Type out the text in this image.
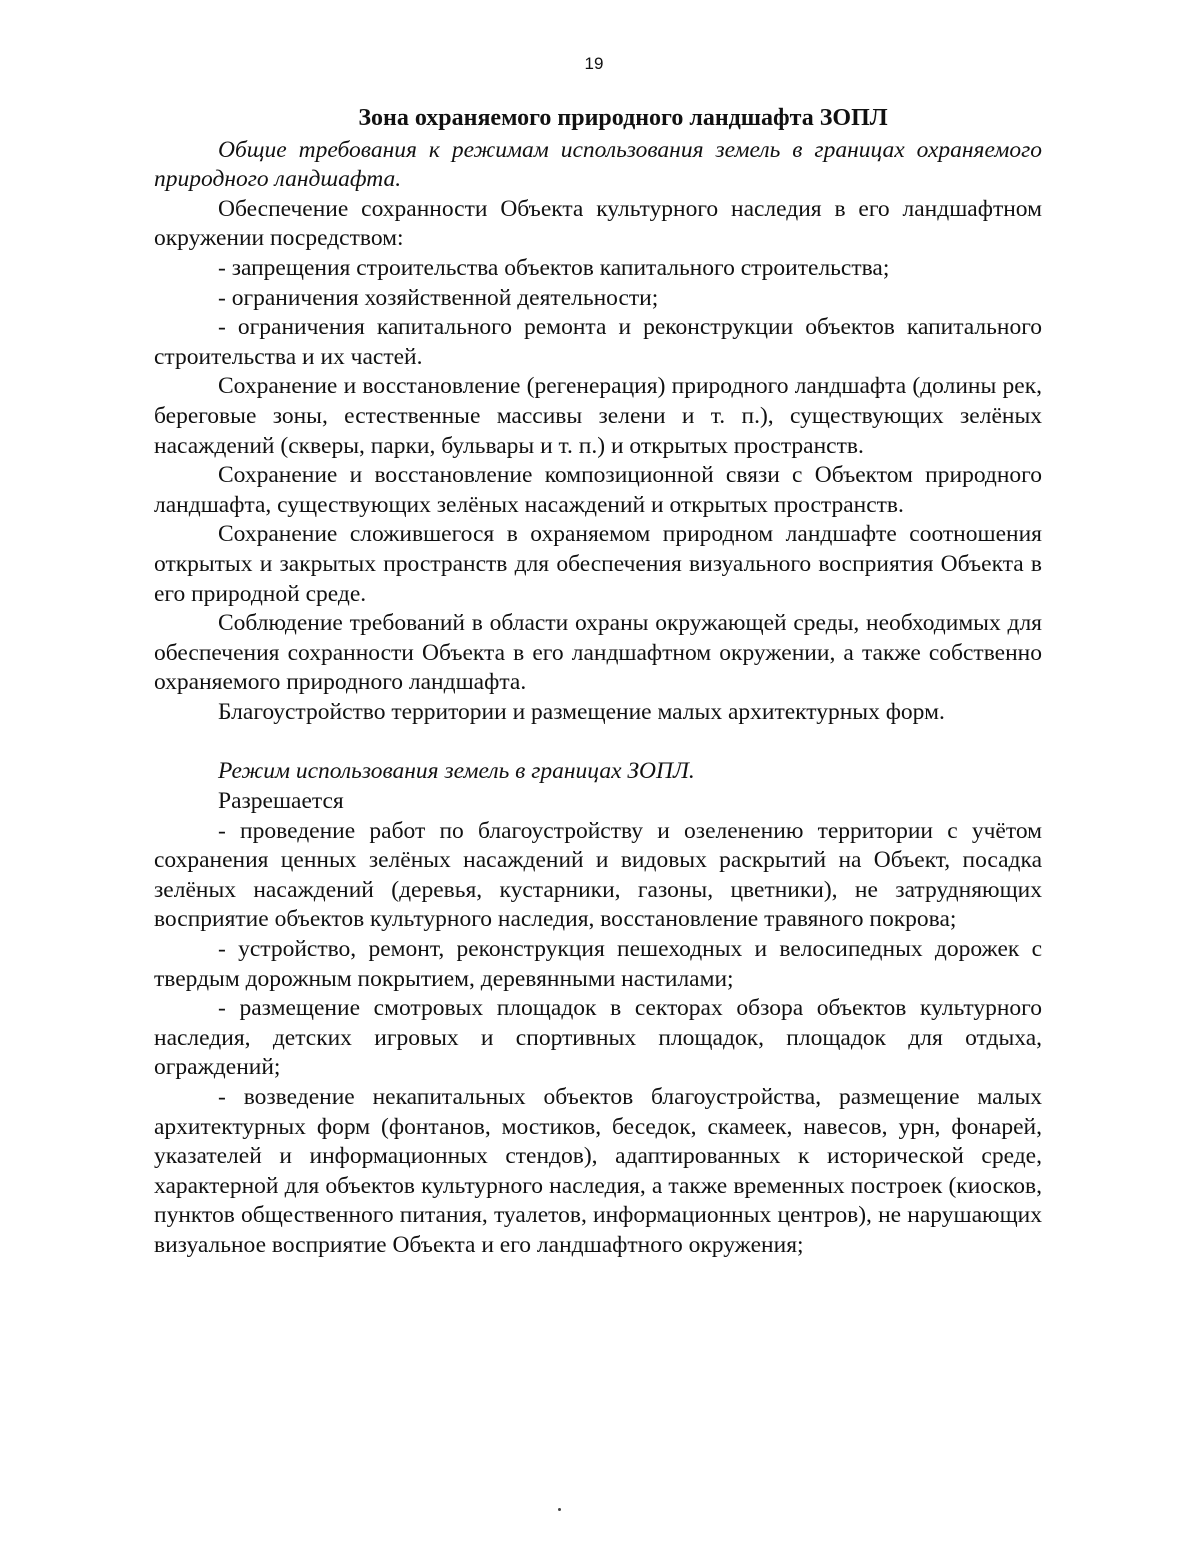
19
Зона охраняемого природного ландшафта ЗОПЛ

Общие требования к режимам использования земель в границах охраняемого природного ландшафта.

Обеспечение сохранности Объекта культурного наследия в его ландшафтном окружении посредством:

- запрещения строительства объектов капитального строительства;

- ограничения хозяйственной деятельности;

- ограничения капитального ремонта и реконструкции объектов капитального строительства и их частей.

Сохранение и восстановление (регенерация) природного ландшафта (долины рек, береговые зоны, естественные массивы зелени и т. п.), существующих зелёных насаждений (скверы, парки, бульвары и т. п.) и открытых пространств.

Сохранение и восстановление композиционной связи с Объектом природного ландшафта, существующих зелёных насаждений и открытых пространств.

Сохранение сложившегося в охраняемом природном ландшафте соотношения открытых и закрытых пространств для обеспечения визуального восприятия Объекта в его природной среде.

Соблюдение требований в области охраны окружающей среды, необходимых для обеспечения сохранности Объекта в его ландшафтном окружении, а также собственно охраняемого природного ландшафта.

Благоустройство территории и размещение малых архитектурных форм.

Режим использования земель в границах ЗОПЛ.

Разрешается

- проведение работ по благоустройству и озеленению территории с учётом сохранения ценных зелёных насаждений и видовых раскрытий на Объект, посадка зелёных насаждений (деревья, кустарники, газоны, цветники), не затрудняющих восприятие объектов культурного наследия, восстановление травяного покрова;

- устройство, ремонт, реконструкция пешеходных и велосипедных дорожек с твердым дорожным покрытием, деревянными настилами;

- размещение смотровых площадок в секторах обзора объектов культурного наследия, детских игровых и спортивных площадок, площадок для отдыха, ограждений;

- возведение некапитальных объектов благоустройства, размещение малых архитектурных форм (фонтанов, мостиков, беседок, скамеек, навесов, урн, фонарей, указателей и информационных стендов), адаптированных к исторической среде, характерной для объектов культурного наследия, а также временных построек (киосков, пунктов общественного питания, туалетов, информационных центров), не нарушающих визуальное восприятие Объекта и его ландшафтного окружения;
